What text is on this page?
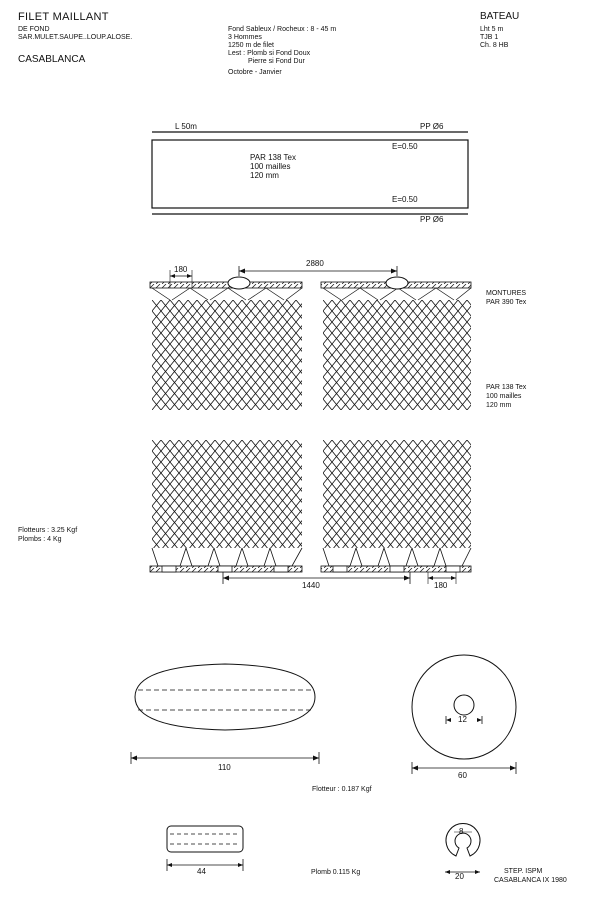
FILET MAILLANT
DE FOND
SAR.MULET.SAUPE..LOUP.ALOSE.
CASABLANCA
Fond Sableux / Rocheux : 8 - 45 m
3 Hommes
1250 m de filet
Lest : Plomb si Fond Doux
Pierre si Fond Dur
Octobre - Janvier
BATEAU
Lht 5 m
TJB 1
Ch. 8 HB
L 50m	PP Ø6
E=0.50
PAR 138 Tex
100 mailles
120 mm
E=0.50
PP Ø6
2880
180
MONTURES
PAR 390 Tex
PAR 138 Tex
100 mailles
120 mm
Flotteurs : 3.25 Kgf
Plombs : 4 Kg
1440	180
110
12
60
Flotteur : 0.187 Kgf
44	Plomb 0.115 Kg
8
20
STEP. ISPM
CASABLANCA IX 1980
